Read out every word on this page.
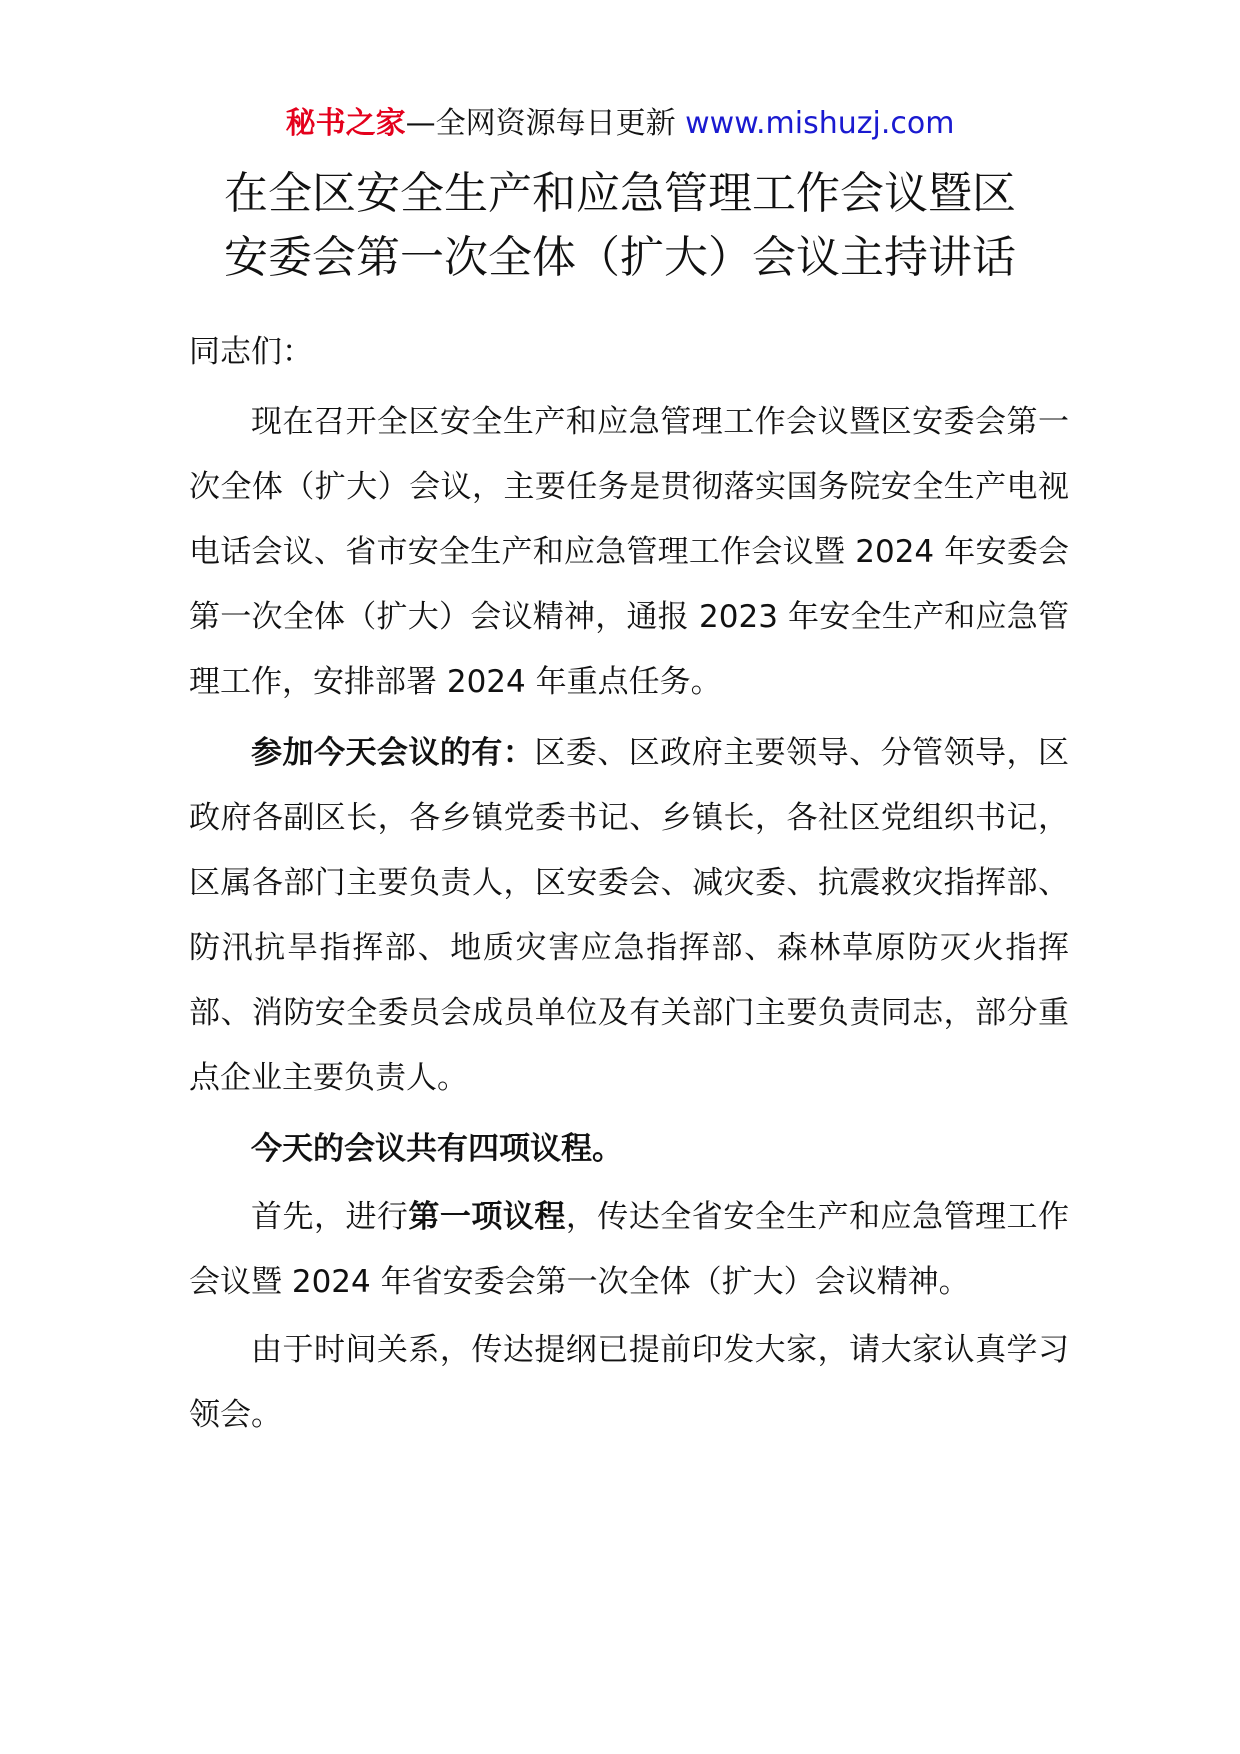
秘书之家—全网资源每日更新 www.mishuzj.com
在全区安全生产和应急管理工作会议暨区
安委会第一次全体（扩大）会议主持讲话

同志们：

现在召开全区安全生产和应急管理工作会议暨区安委会第一次全体（扩大）会议，主要任务是贯彻落实国务院安全生产电视电话会议、省市安全生产和应急管理工作会议暨 2024 年安委会第一次全体（扩大）会议精神，通报 2023 年安全生产和应急管理工作，安排部署 2024 年重点任务。

参加今天会议的有：区委、区政府主要领导、分管领导，区政府各副区长，各乡镇党委书记、乡镇长，各社区党组织书记，区属各部门主要负责人，区安委会、减灾委、抗震救灾指挥部、防汛抗旱指挥部、地质灾害应急指挥部、森林草原防灭火指挥部、消防安全委员会成员单位及有关部门主要负责同志，部分重点企业主要负责人。

今天的会议共有四项议程。

首先，进行第一项议程，传达全省安全生产和应急管理工作会议暨 2024 年省安委会第一次全体（扩大）会议精神。

由于时间关系，传达提纲已提前印发大家，请大家认真学习领会。
